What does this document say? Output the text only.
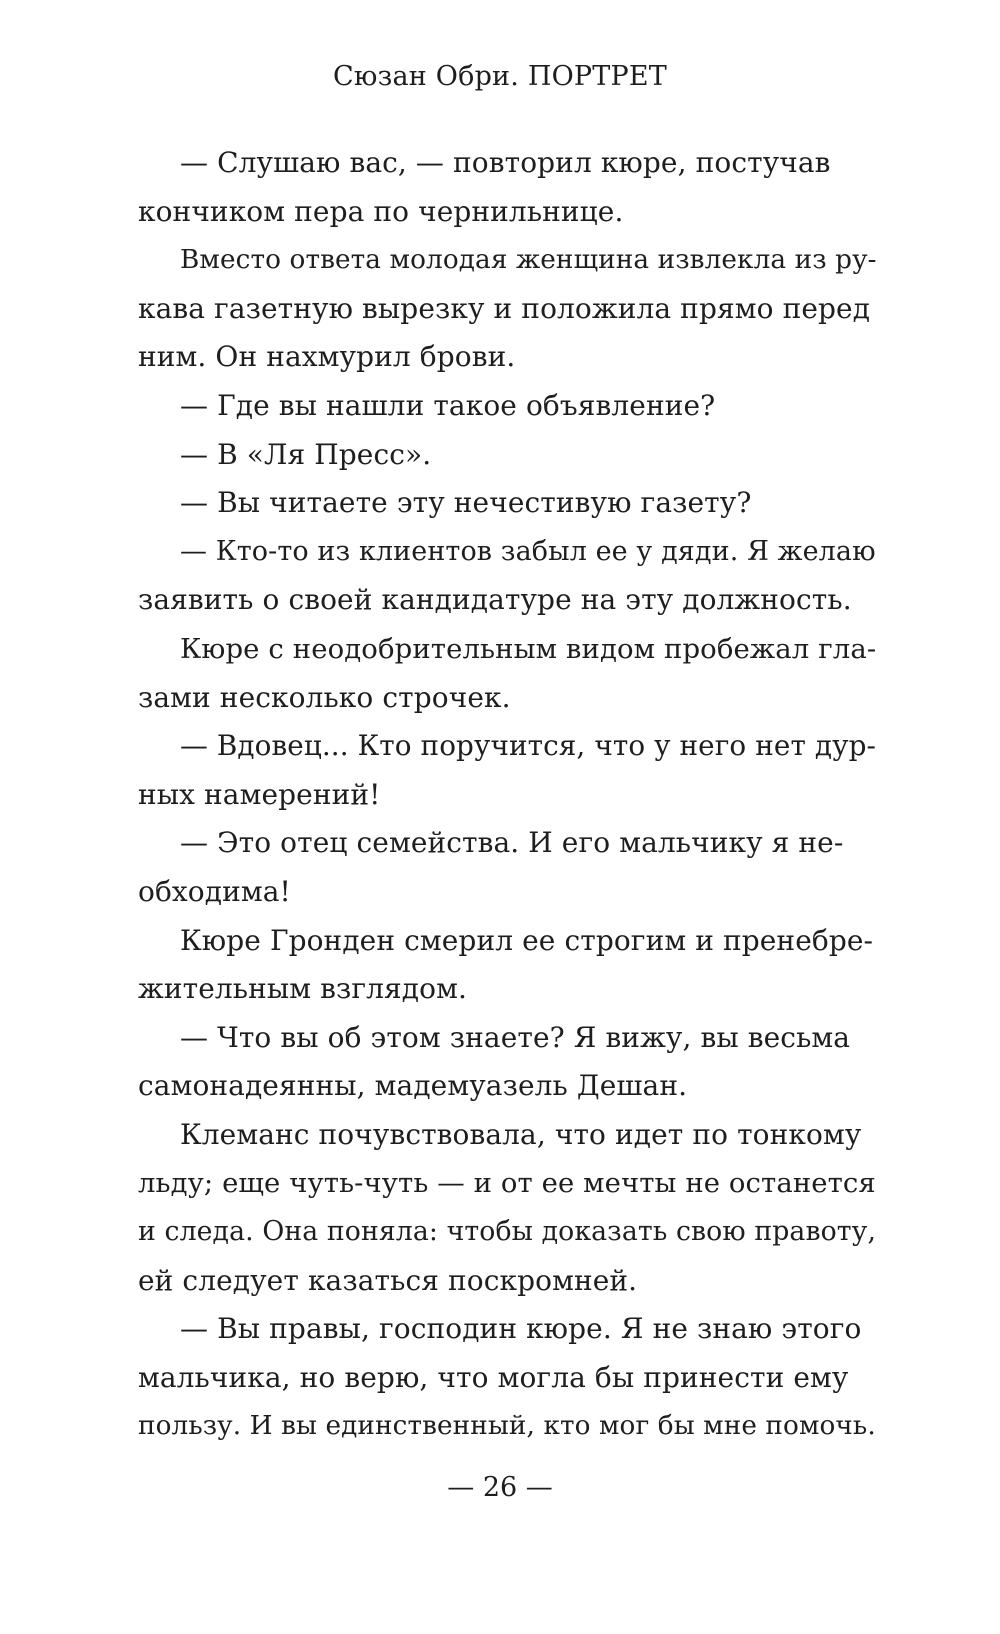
Сюзан Обри. ПОРТРЕТ
— Слушаю вас, — повторил кюре, постучав
кончиком пера по чернильнице.
Вместо ответа молодая женщина извлекла из ру-
кава газетную вырезку и положила прямо перед
ним. Он нахмурил брови.
— Где вы нашли такое объявление?
— В «Ля Пресс».
— Вы читаете эту нечестивую газету?
— Кто-то из клиентов забыл ее у дяди. Я желаю
заявить о своей кандидатуре на эту должность.
Кюре с неодобрительным видом пробежал гла-
зами несколько строчек.
— Вдовец... Кто поручится, что у него нет дур-
ных намерений!
— Это отец семейства. И его мальчику я не-
обходима!
Кюре Гронден смерил ее строгим и пренебре-
жительным взглядом.
— Что вы об этом знаете? Я вижу, вы весьма
самонадеянны, мадемуазель Дешан.
Клеманс почувствовала, что идет по тонкому
льду; еще чуть-чуть — и от ее мечты не останется
и следа. Она поняла: чтобы доказать свою правоту,
ей следует казаться поскромней.
— Вы правы, господин кюре. Я не знаю этого
мальчика, но верю, что могла бы принести ему
пользу. И вы единственный, кто мог бы мне помочь.
— 26 —
